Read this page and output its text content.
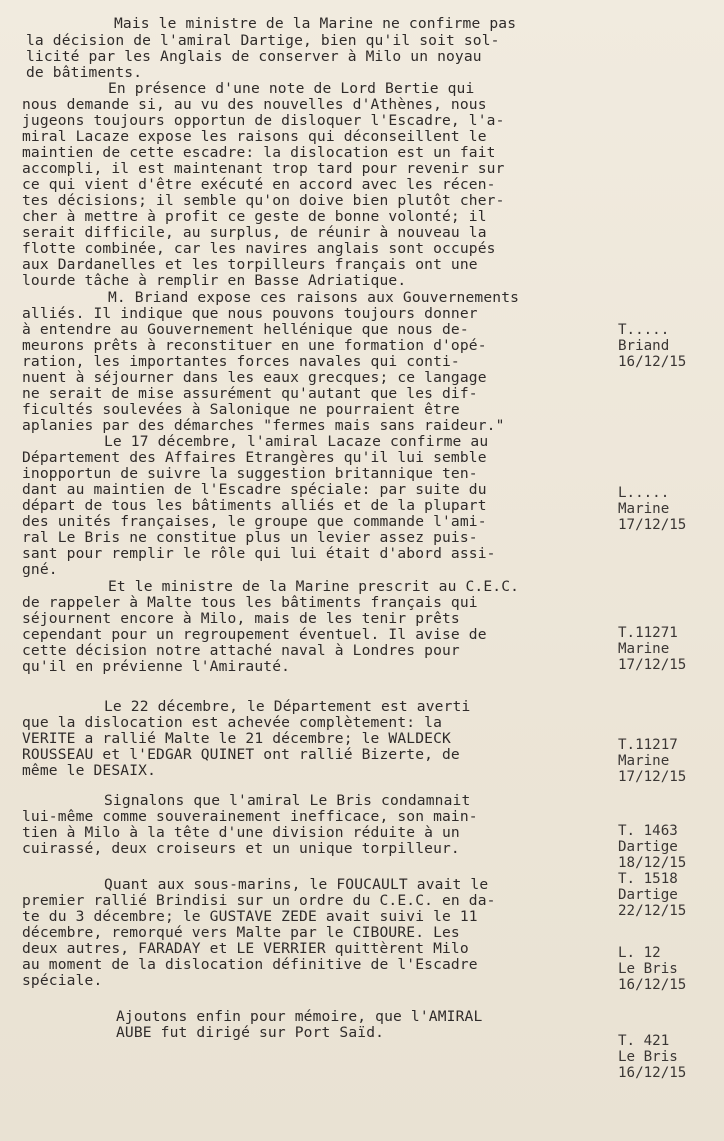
Mais le ministre de la Marine ne confirme pas
la décision de l'amiral Dartige, bien qu'il soit sol-
licité par les Anglais de conserver à Milo un noyau
de bâtiments.
En présence d'une note de Lord Bertie qui
nous demande si, au vu des nouvelles d'Athènes, nous
jugeons toujours opportun de disloquer l'Escadre, l'a-
miral Lacaze expose les raisons qui déconseillent le
maintien de cette escadre: la dislocation est un fait
accompli, il est maintenant trop tard pour revenir sur
ce qui vient d'être exécuté en accord avec les récen-
tes décisions; il semble qu'on doive bien plutôt cher-
cher à mettre à profit ce geste de bonne volonté; il
serait difficile, au surplus, de réunir à nouveau la
flotte combinée, car les navires anglais sont occupés
aux Dardanelles et les torpilleurs français ont une
lourde tâche à remplir en Basse Adriatique.
M. Briand expose ces raisons aux Gouvernements
alliés. Il indique que nous pouvons toujours donner
à entendre au Gouvernement hellénique que nous de-
meurons prêts à reconstituer en une formation d'opé-
ration, les importantes forces navales qui conti-
nuent à séjourner dans les eaux grecques; ce langage
ne serait de mise assurément qu'autant que les dif-
ficultés soulevées à Salonique ne pourraient être
aplanies par des démarches "fermes mais sans raideur."
Le 17 décembre, l'amiral Lacaze confirme au
Département des Affaires Etrangères qu'il lui semble
inopportun de suivre la suggestion britannique ten-
dant au maintien de l'Escadre spéciale: par suite du
départ de tous les bâtiments alliés et de la plupart
des unités françaises, le groupe que commande l'ami-
ral Le Bris ne constitue plus un levier assez puis-
sant pour remplir le rôle qui lui était d'abord assi-
gné.
Et le ministre de la Marine prescrit au C.E.C.
de rappeler à Malte tous les bâtiments français qui
séjournent encore à Milo, mais de les tenir prêts
cependant pour un regroupement éventuel. Il avise de
cette décision notre attaché naval à Londres pour
qu'il en prévienne l'Amirauté.
Le 22 décembre, le Département est averti
que la dislocation est achevée complètement: la
VERITE a rallié Malte le 21 décembre; le WALDECK
ROUSSEAU et l'EDGAR QUINET ont rallié Bizerte, de
même le DESAIX.
Signalons que l'amiral Le Bris condamnait
lui-même comme souverainement inefficace, son main-
tien à Milo à la tête d'une division réduite à un
cuirassé, deux croiseurs et un unique torpilleur.
Quant aux sous-marins, le FOUCAULT avait le
premier rallié Brindisi sur un ordre du C.E.C. en da-
te du 3 décembre; le GUSTAVE ZEDE avait suivi le 11
décembre, remorqué vers Malte par le CIBOURE. Les
deux autres, FARADAY et LE VERRIER quittèrent Milo
au moment de la dislocation définitive de l'Escadre
spéciale.
Ajoutons enfin pour mémoire, que l'AMIRAL
AUBE fut dirigé sur Port Saïd.
T.....
Briand
16/12/15
L.....
Marine
17/12/15
T.11271
Marine
17/12/15
T.11217
Marine
17/12/15
T. 1463
Dartige
18/12/15
T. 1518
Dartige
22/12/15
L. 12
Le Bris
16/12/15
T. 421
Le Bris
16/12/15
